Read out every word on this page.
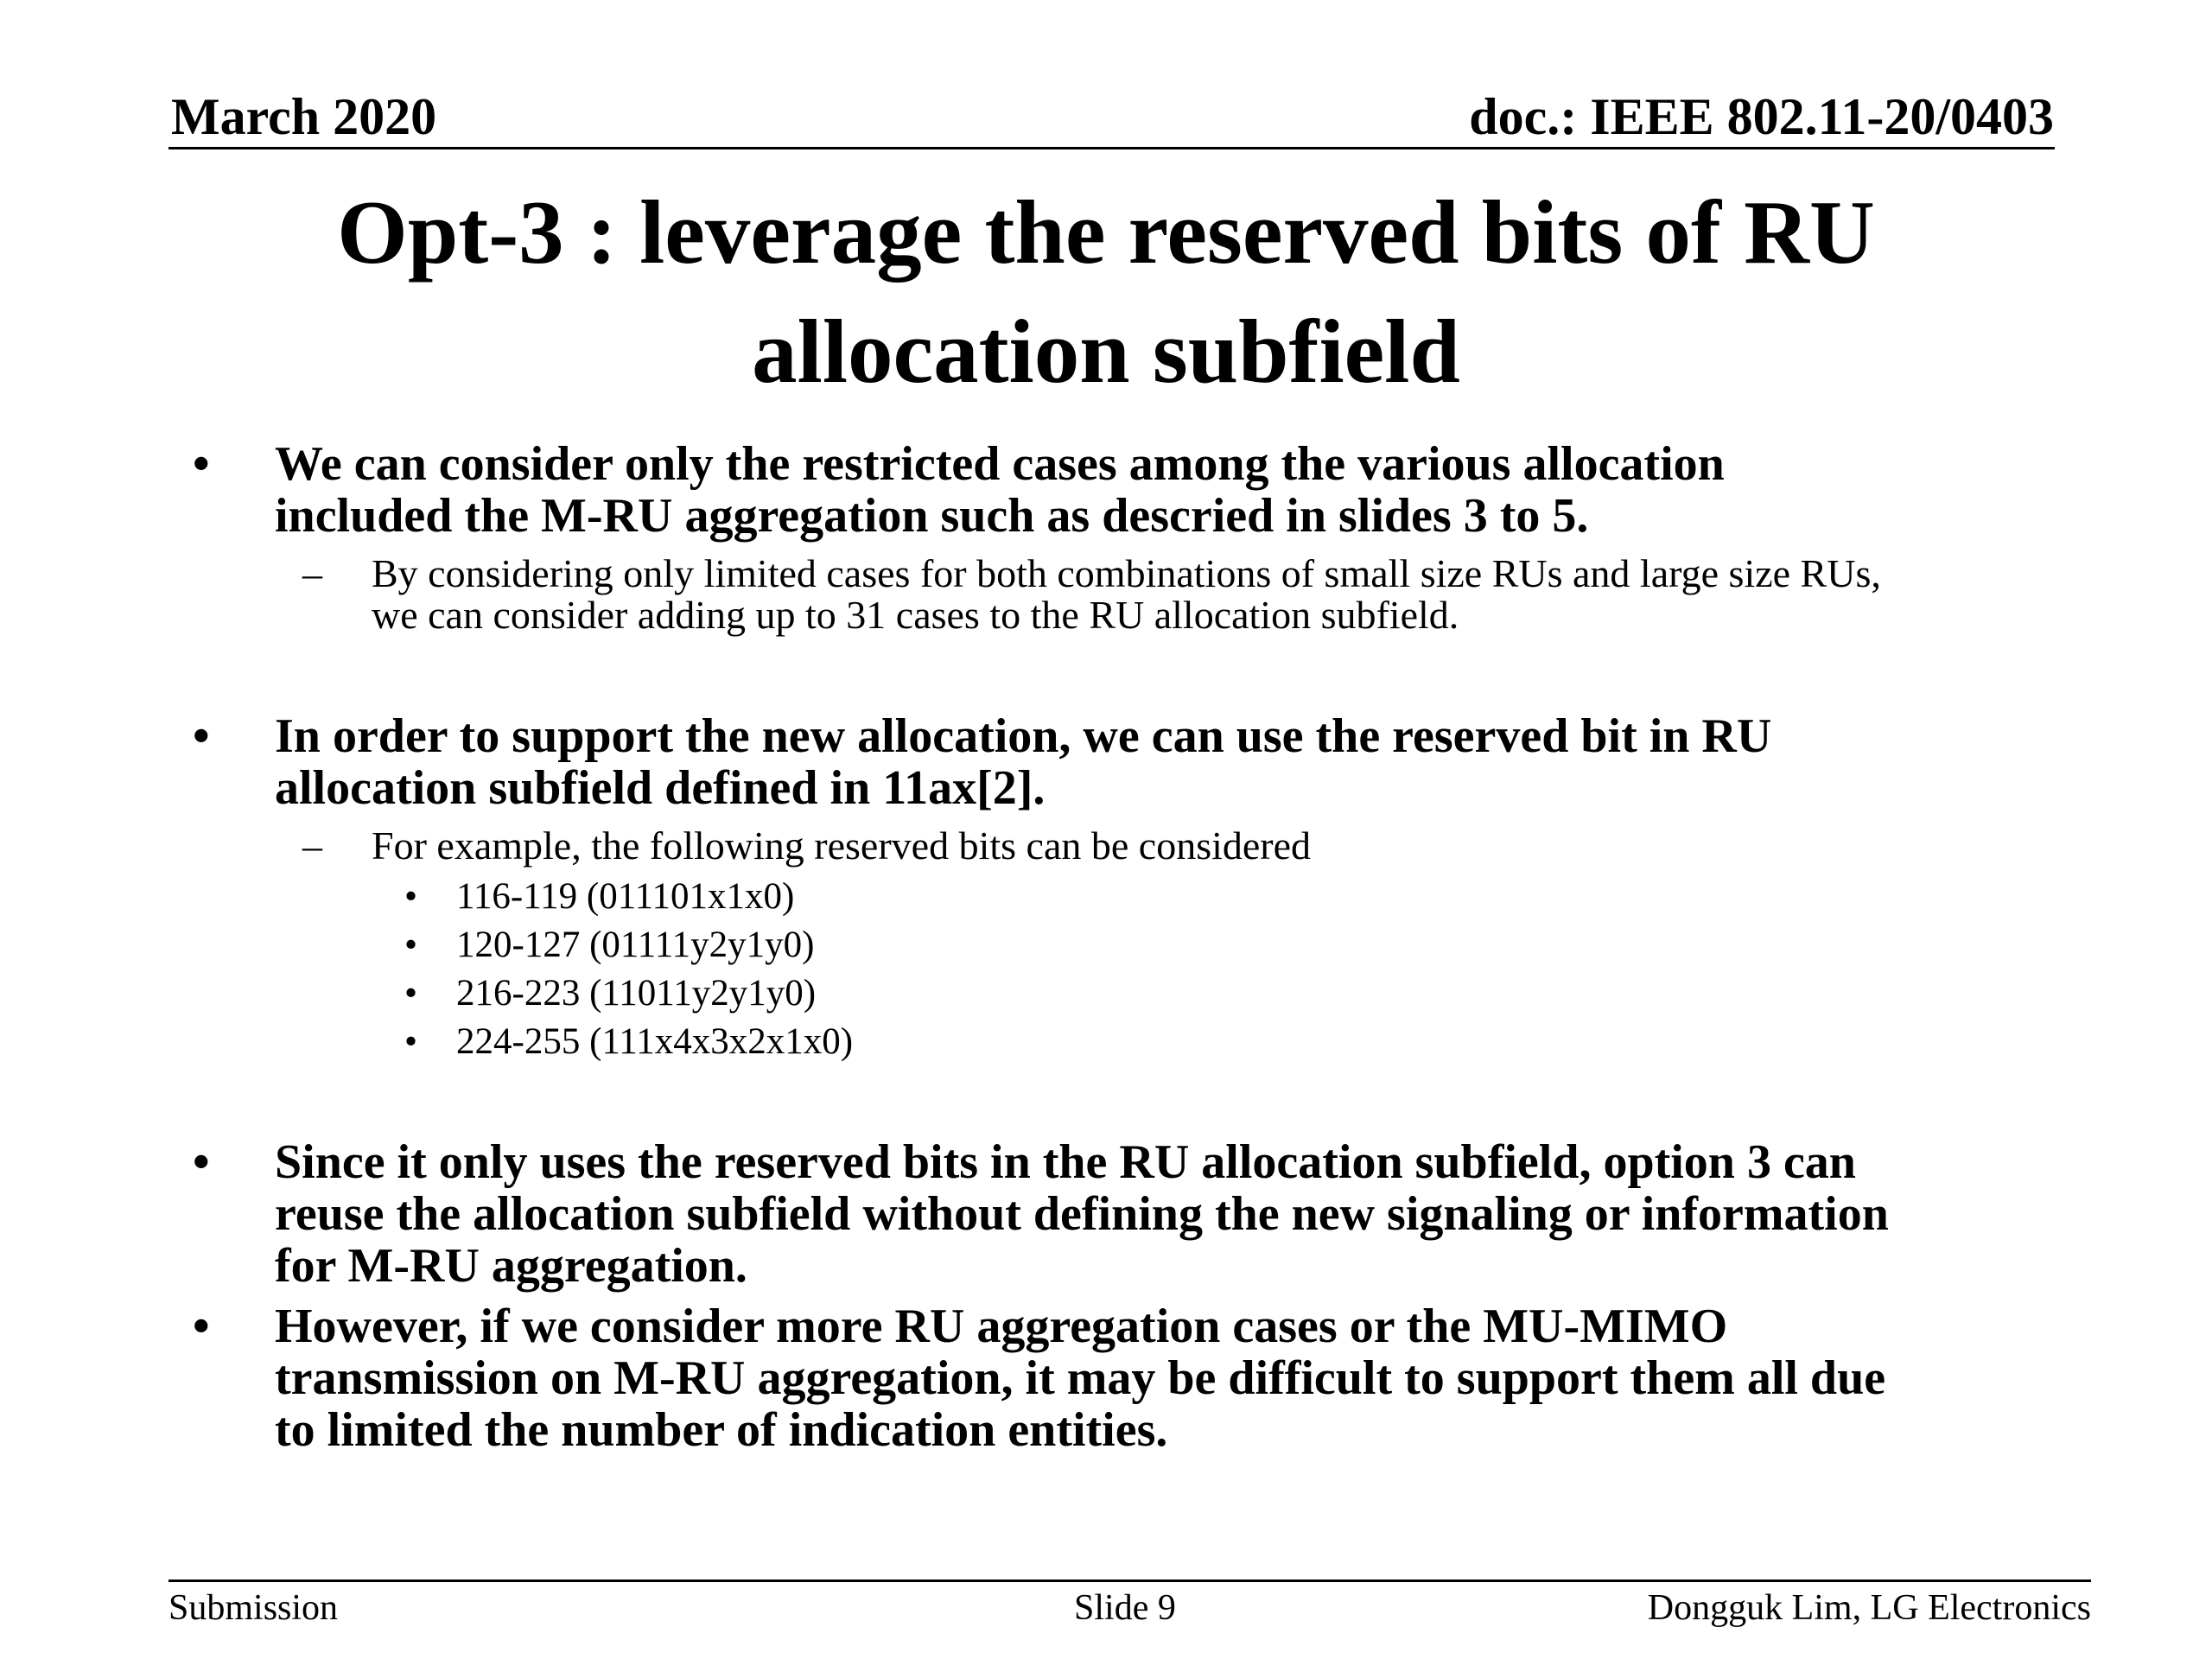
March 2020	doc.: IEEE 802.11-20/0403
Opt-3 : leverage the reserved bits of RU
allocation subfield
• We can consider only the restricted cases among the various allocation
included the M-RU aggregation such as descried in slides 3 to 5.
– By considering only limited cases for both combinations of small size RUs and large size RUs,
we can consider adding up to 31 cases to the RU allocation subfield.
• In order to support the new allocation, we can use the reserved bit in RU
allocation subfield defined in 11ax[2].
– For example, the following reserved bits can be considered
• 116-119 (011101x1x0)
• 120-127 (01111y2y1y0)
• 216-223 (11011y2y1y0)
• 224-255 (111x4x3x2x1x0)
• Since it only uses the reserved bits in the RU allocation subfield, option 3 can
reuse the allocation subfield without defining the new signaling or information
for M-RU aggregation.
• However, if we consider more RU aggregation cases or the MU-MIMO
transmission on M-RU aggregation, it may be difficult to support them all due
to limited the number of indication entities.
Submission	Slide 9	Dongguk Lim, LG Electronics
